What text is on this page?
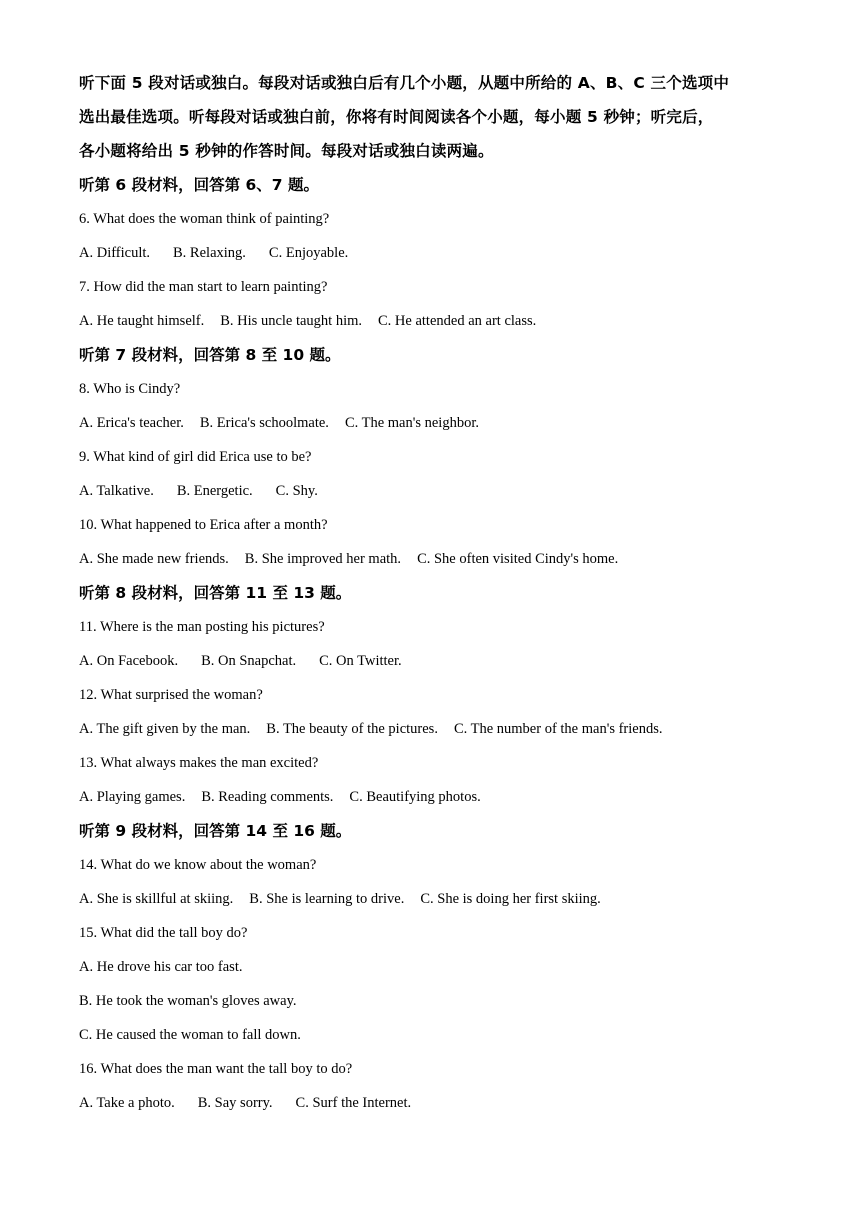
听下面 5 段对话或独白。每段对话或独白后有几个小题，从题中所给的 A、B、C 三个选项中
选出最佳选项。听每段对话或独白前，你将有时间阅读各个小题，每小题 5 秒钟；听完后，
各小题将给出 5 秒钟的作答时间。每段对话或独白读两遍。
听第 6 段材料，回答第 6、7 题。
6. What does the woman think of painting?
A. Difficult. B. Relaxing. C. Enjoyable.
7. How did the man start to learn painting?
A. He taught himself. B. His uncle taught him. C. He attended an art class.
听第 7 段材料，回答第 8 至 10 题。
8. Who is Cindy?
A. Erica's teacher. B. Erica's schoolmate. C. The man's neighbor.
9. What kind of girl did Erica use to be?
A. Talkative. B. Energetic. C. Shy.
10. What happened to Erica after a month?
A. She made new friends. B. She improved her math. C. She often visited Cindy's home.
听第 8 段材料，回答第 11 至 13 题。
11. Where is the man posting his pictures?
A. On Facebook. B. On Snapchat. C. On Twitter.
12. What surprised the woman?
A. The gift given by the man. B. The beauty of the pictures. C. The number of the man's friends.
13. What always makes the man excited?
A. Playing games. B. Reading comments. C. Beautifying photos.
听第 9 段材料，回答第 14 至 16 题。
14. What do we know about the woman?
A. She is skillful at skiing. B. She is learning to drive. C. She is doing her first skiing.
15. What did the tall boy do?
A. He drove his car too fast.
B. He took the woman's gloves away.
C. He caused the woman to fall down.
16. What does the man want the tall boy to do?
A. Take a photo. B. Say sorry. C. Surf the Internet.
